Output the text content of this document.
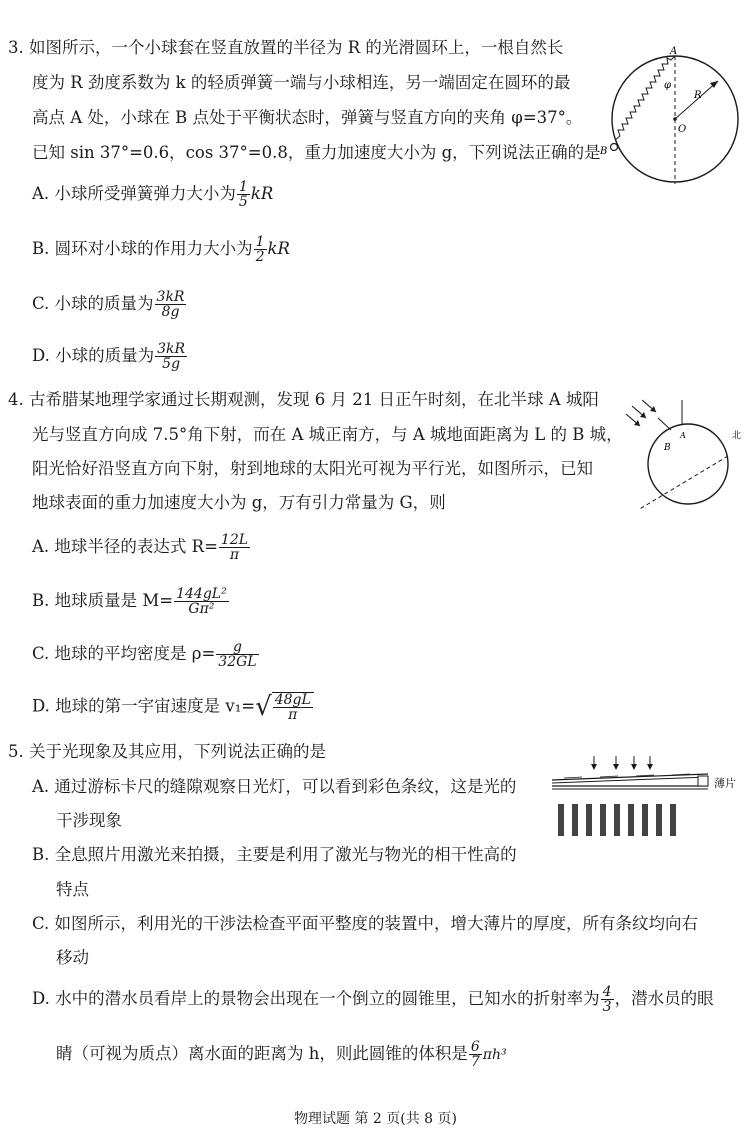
3. 如图所示，一个小球套在竖直放置的半径为 R 的光滑圆环上，一根自然长
度为 R 劲度系数为 k 的轻质弹簧一端与小球相连，另一端固定在圆环的最
高点 A 处，小球在 B 点处于平衡状态时，弹簧与竖直方向的夹角 φ=37°。
已知 sin 37°=0.6，cos 37°=0.8，重力加速度大小为 g，下列说法正确的是
A. 小球所受弹簧弹力大小为 $\frac{1}{5}$ kR
B. 圆环对小球的作用力大小为 $\frac{1}{2}$ kR
C. 小球的质量为 $\frac{3kR}{8g}$
D. 小球的质量为 $\frac{3kR}{5g}$
A
B
O
R
φ
4. 古希腊某地理学家通过长期观测，发现 6 月 21 日正午时刻，在北半球 A 城阳
光与竖直方向成 7.5°角下射，而在 A 城正南方，与 A 城地面距离为 L 的 B 城，
阳光恰好沿竖直方向下射，射到地球的太阳光可视为平行光，如图所示，已知
地球表面的重力加速度大小为 g，万有引力常量为 G，则
A. 地球半径的表达式 $R= \frac{12L}{\pi}$
B. 地球质量是 $M= \frac{\text{144gL²}}{\text{Gπ²}}$
C. 地球的平均密度是 $\rho= \frac{g}{32GL}$
D. 地球的第一宇宙速度是 $v_1=√ \frac{48gL}{\pi}$
B
A	北
5. 关于光现象及其应用，下列说法正确的是
A. 通过游标卡尺的缝隙观察日光灯，可以看到彩色条纹，这是光的
干涉现象
B. 全息照片用激光来拍摄，主要是利用了激光与物光的相干性高的
特点
C. 如图所示，利用光的干涉法检查平面平整度的装置中，增大薄片的厚度，所有条纹均向右
移动
D. 水中的潜水员看岸上的景物会出现在一个倒立的圆锥里，已知水的折射率为 $\frac{4}{3}$ ，潜水员的眼
睛（可视为质点）离水面的距离为 h，则此圆锥的体积是 $\frac{6}{7} \pi h^3$
薄片
物理试题 第 2 页(共 8 页)
